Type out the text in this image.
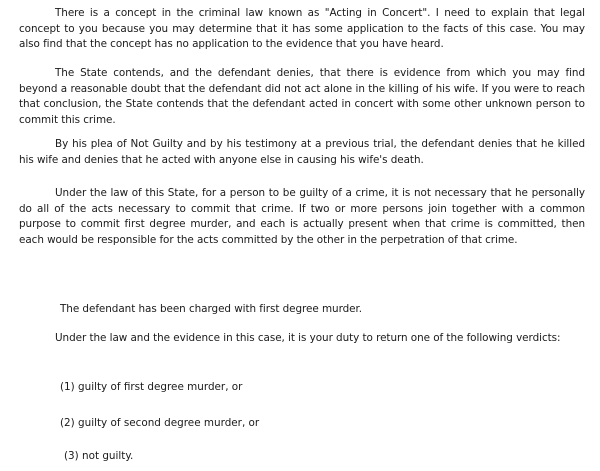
There is a concept in the criminal law known as "Acting in Concert". I need to explain that legal concept to you because you may determine that it has some application to the facts of this case. You may also find that the concept has no application to the evidence that you have heard.

The State contends, and the defendant denies, that there is evidence from which you may find beyond a reasonable doubt that the defendant did not act alone in the killing of his wife. If you were to reach that conclusion, the State contends that the defendant acted in concert with some other unknown person to commit this crime.

By his plea of Not Guilty and by his testimony at a previous trial, the defendant denies that he killed his wife and denies that he acted with anyone else in causing his wife's death.

Under the law of this State, for a person to be guilty of a crime, it is not necessary that he personally do all of the acts necessary to commit that crime. If two or more persons join together with a common purpose to commit first degree murder, and each is actually present when that crime is committed, then each would be responsible for the acts committed by the other in the perpetration of that crime.

The defendant has been charged with first degree murder.

Under the law and the evidence in this case, it is your duty to return one of the following verdicts:

(1) guilty of first degree murder, or

(2) guilty of second degree murder, or

(3) not guilty.
